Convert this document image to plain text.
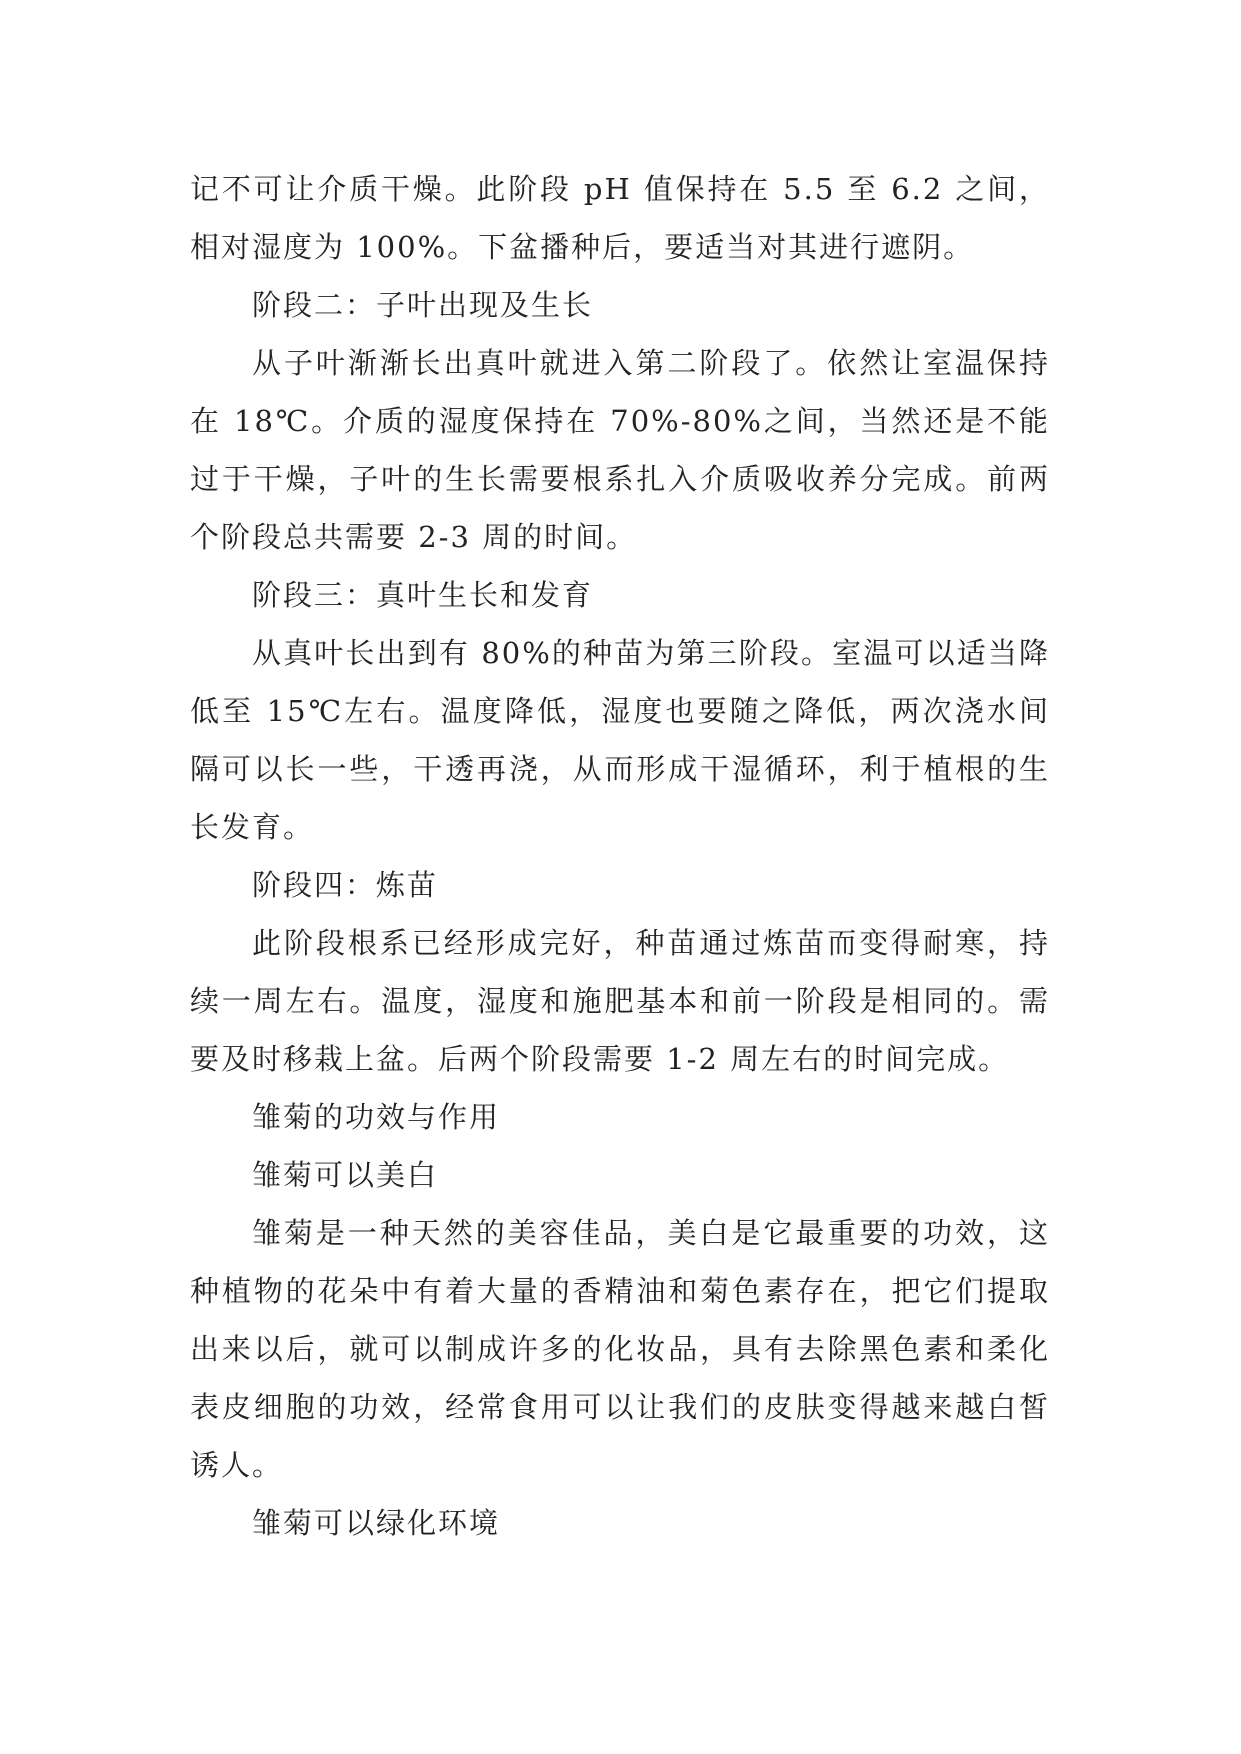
记不可让介质干燥。此阶段 pH 值保持在 5.5 至 6.2 之间，相对湿度为 100%。下盆播种后，要适当对其进行遮阴。

阶段二：子叶出现及生长

从子叶渐渐长出真叶就进入第二阶段了。依然让室温保持在 18℃。介质的湿度保持在 70%-80%之间，当然还是不能过于干燥，子叶的生长需要根系扎入介质吸收养分完成。前两个阶段总共需要 2-3 周的时间。

阶段三：真叶生长和发育

从真叶长出到有 80%的种苗为第三阶段。室温可以适当降低至 15℃左右。温度降低，湿度也要随之降低，两次浇水间隔可以长一些，干透再浇，从而形成干湿循环，利于植根的生长发育。

阶段四：炼苗

此阶段根系已经形成完好，种苗通过炼苗而变得耐寒，持续一周左右。温度，湿度和施肥基本和前一阶段是相同的。需要及时移栽上盆。后两个阶段需要 1-2 周左右的时间完成。

雏菊的功效与作用

雏菊可以美白

雏菊是一种天然的美容佳品，美白是它最重要的功效，这种植物的花朵中有着大量的香精油和菊色素存在，把它们提取出来以后，就可以制成许多的化妆品，具有去除黑色素和柔化表皮细胞的功效，经常食用可以让我们的皮肤变得越来越白皙诱人。

雏菊可以绿化环境
